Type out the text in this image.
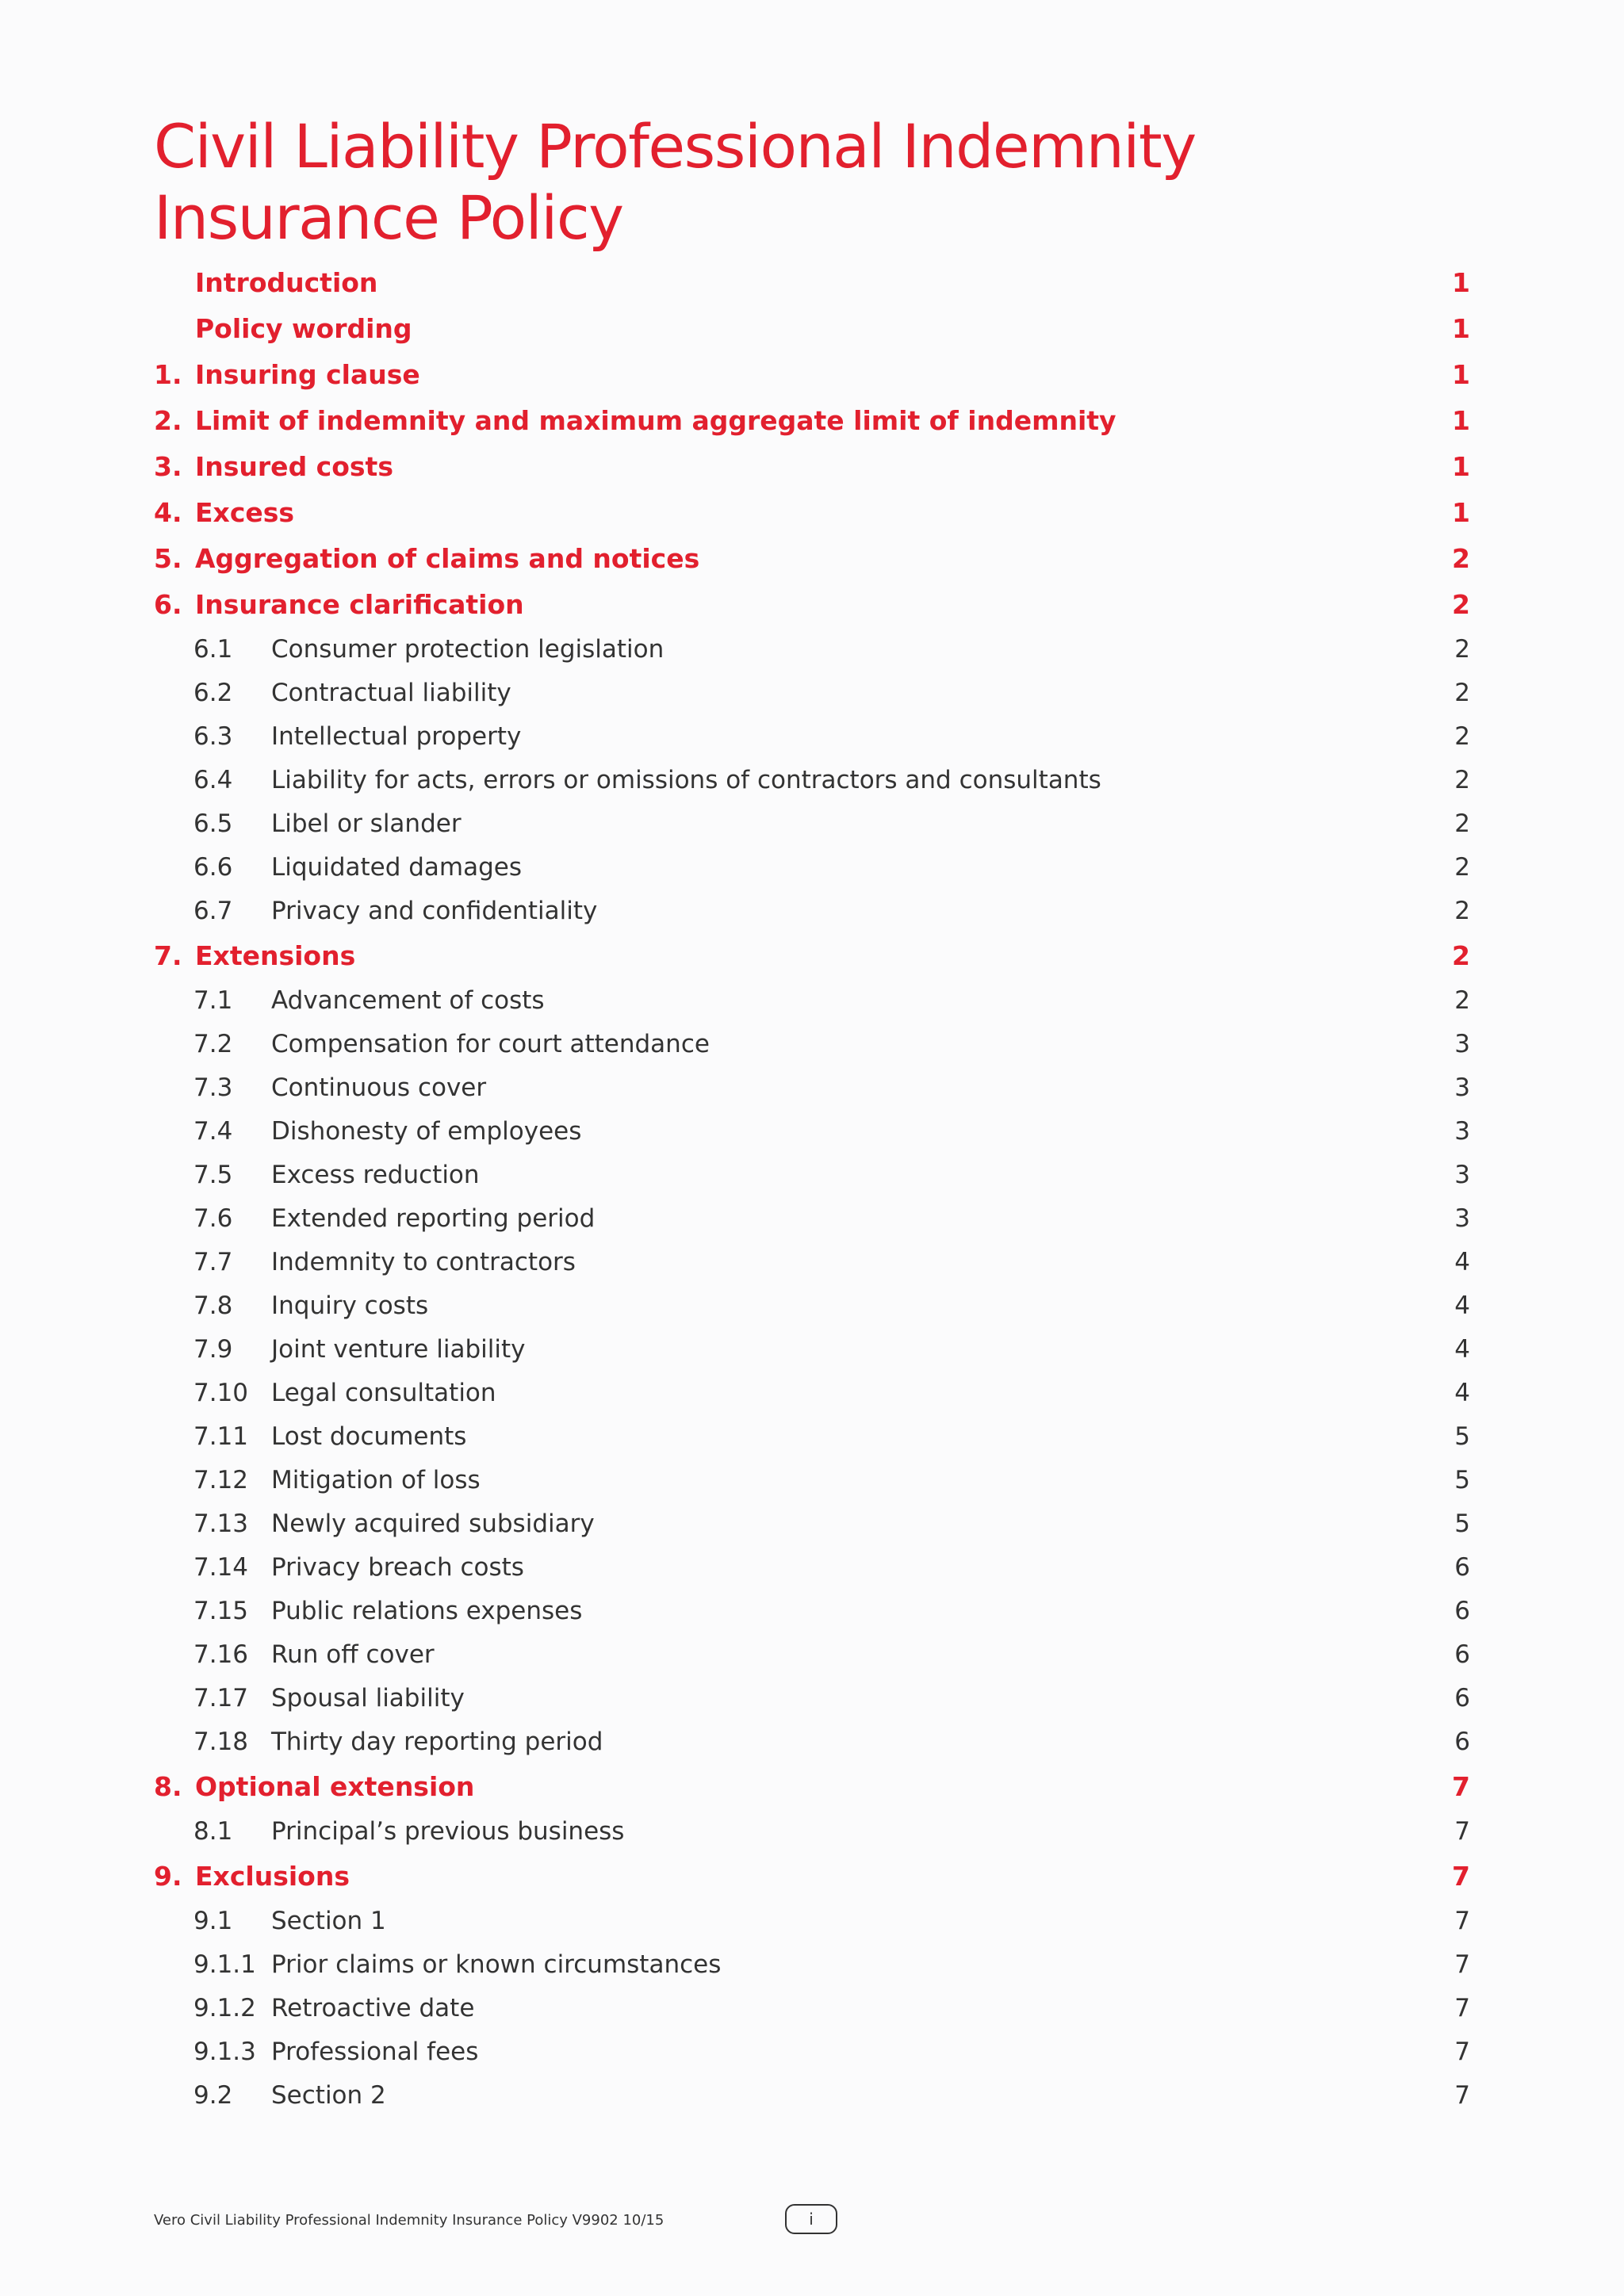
Civil Liability Professional Indemnity
Insurance Policy
Introduction	1
Policy wording	1
1. Insuring clause	1
2. Limit of indemnity and maximum aggregate limit of indemnity	1
3. Insured costs	1
4. Excess	1
5. Aggregation of claims and notices	2
6. Insurance clarification	2
6.1	Consumer protection legislation	2
6.2	Contractual liability	2
6.3	Intellectual property	2
6.4	Liability for acts, errors or omissions of contractors and consultants	2
6.5	Libel or slander	2
6.6	Liquidated damages	2
6.7	Privacy and confidentiality	2
7. Extensions	2
7.1	Advancement of costs	2
7.2	Compensation for court attendance	3
7.3	Continuous cover	3
7.4	Dishonesty of employees	3
7.5	Excess reduction	3
7.6	Extended reporting period	3
7.7	Indemnity to contractors	4
7.8	Inquiry costs	4
7.9	Joint venture liability	4
7.10 Legal consultation	4
7.11 Lost documents	5
7.12 Mitigation of loss	5
7.13 Newly acquired subsidiary	5
7.14 Privacy breach costs	6
7.15 Public relations expenses	6
7.16 Run off cover	6
7.17 Spousal liability	6
7.18 Thirty day reporting period	6
8. Optional extension	7
8.1	Principal’s previous business	7
9. Exclusions	7
9.1	Section 1	7
9.1.1 Prior claims or known circumstances	7
9.1.2 Retroactive date	7
9.1.3 Professional fees	7
9.2	Section 2	7
Vero Civil Liability Professional Indemnity Insurance Policy V9902 10/15	i
